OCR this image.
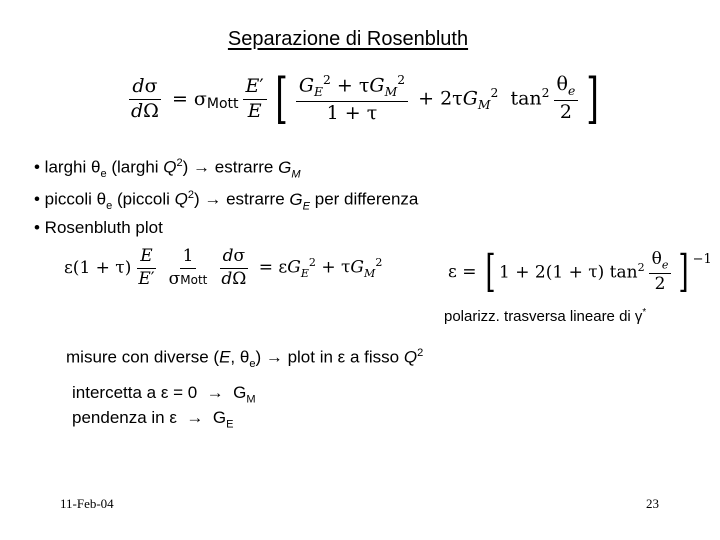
Separazione di Rosenbluth
$\frac{d\sigma}{d\Omega} = \sigma$ Mott $\frac{E'}{E}$ [ $\frac{G_E^2 + \tau G_M^2}{1 + \tau} + 2\tau G_M^2$  $\tan^2 \frac{\theta_e}{2}$ ]
• larghi $\theta_e$ (larghi $Q^2$) → estrarre $G_M$
• piccoli $\theta_e$ (piccoli $Q^2$) → estrarre $G_E$ per differenza
• Rosenbluth plot
$\varepsilon(1 + \tau) \frac{E}{E'} \frac{1}{\text{σMott}} \frac{d\sigma}{d\Omega} = \varepsilon G_E^2 + \tau G_M^2$	ε = [ 1 + 2(1 + τ) $\tan^2 \frac{\theta_e}{2}$ ] −1
polarizz. trasversa lineare di γ*
misure con diverse (E, $\theta_e$) → plot in ε a fisso $Q^2$
intercetta a $\varepsilon = 0 \to G_M$
pendenza in $\varepsilon \to G_E$
11-Feb-04	23
